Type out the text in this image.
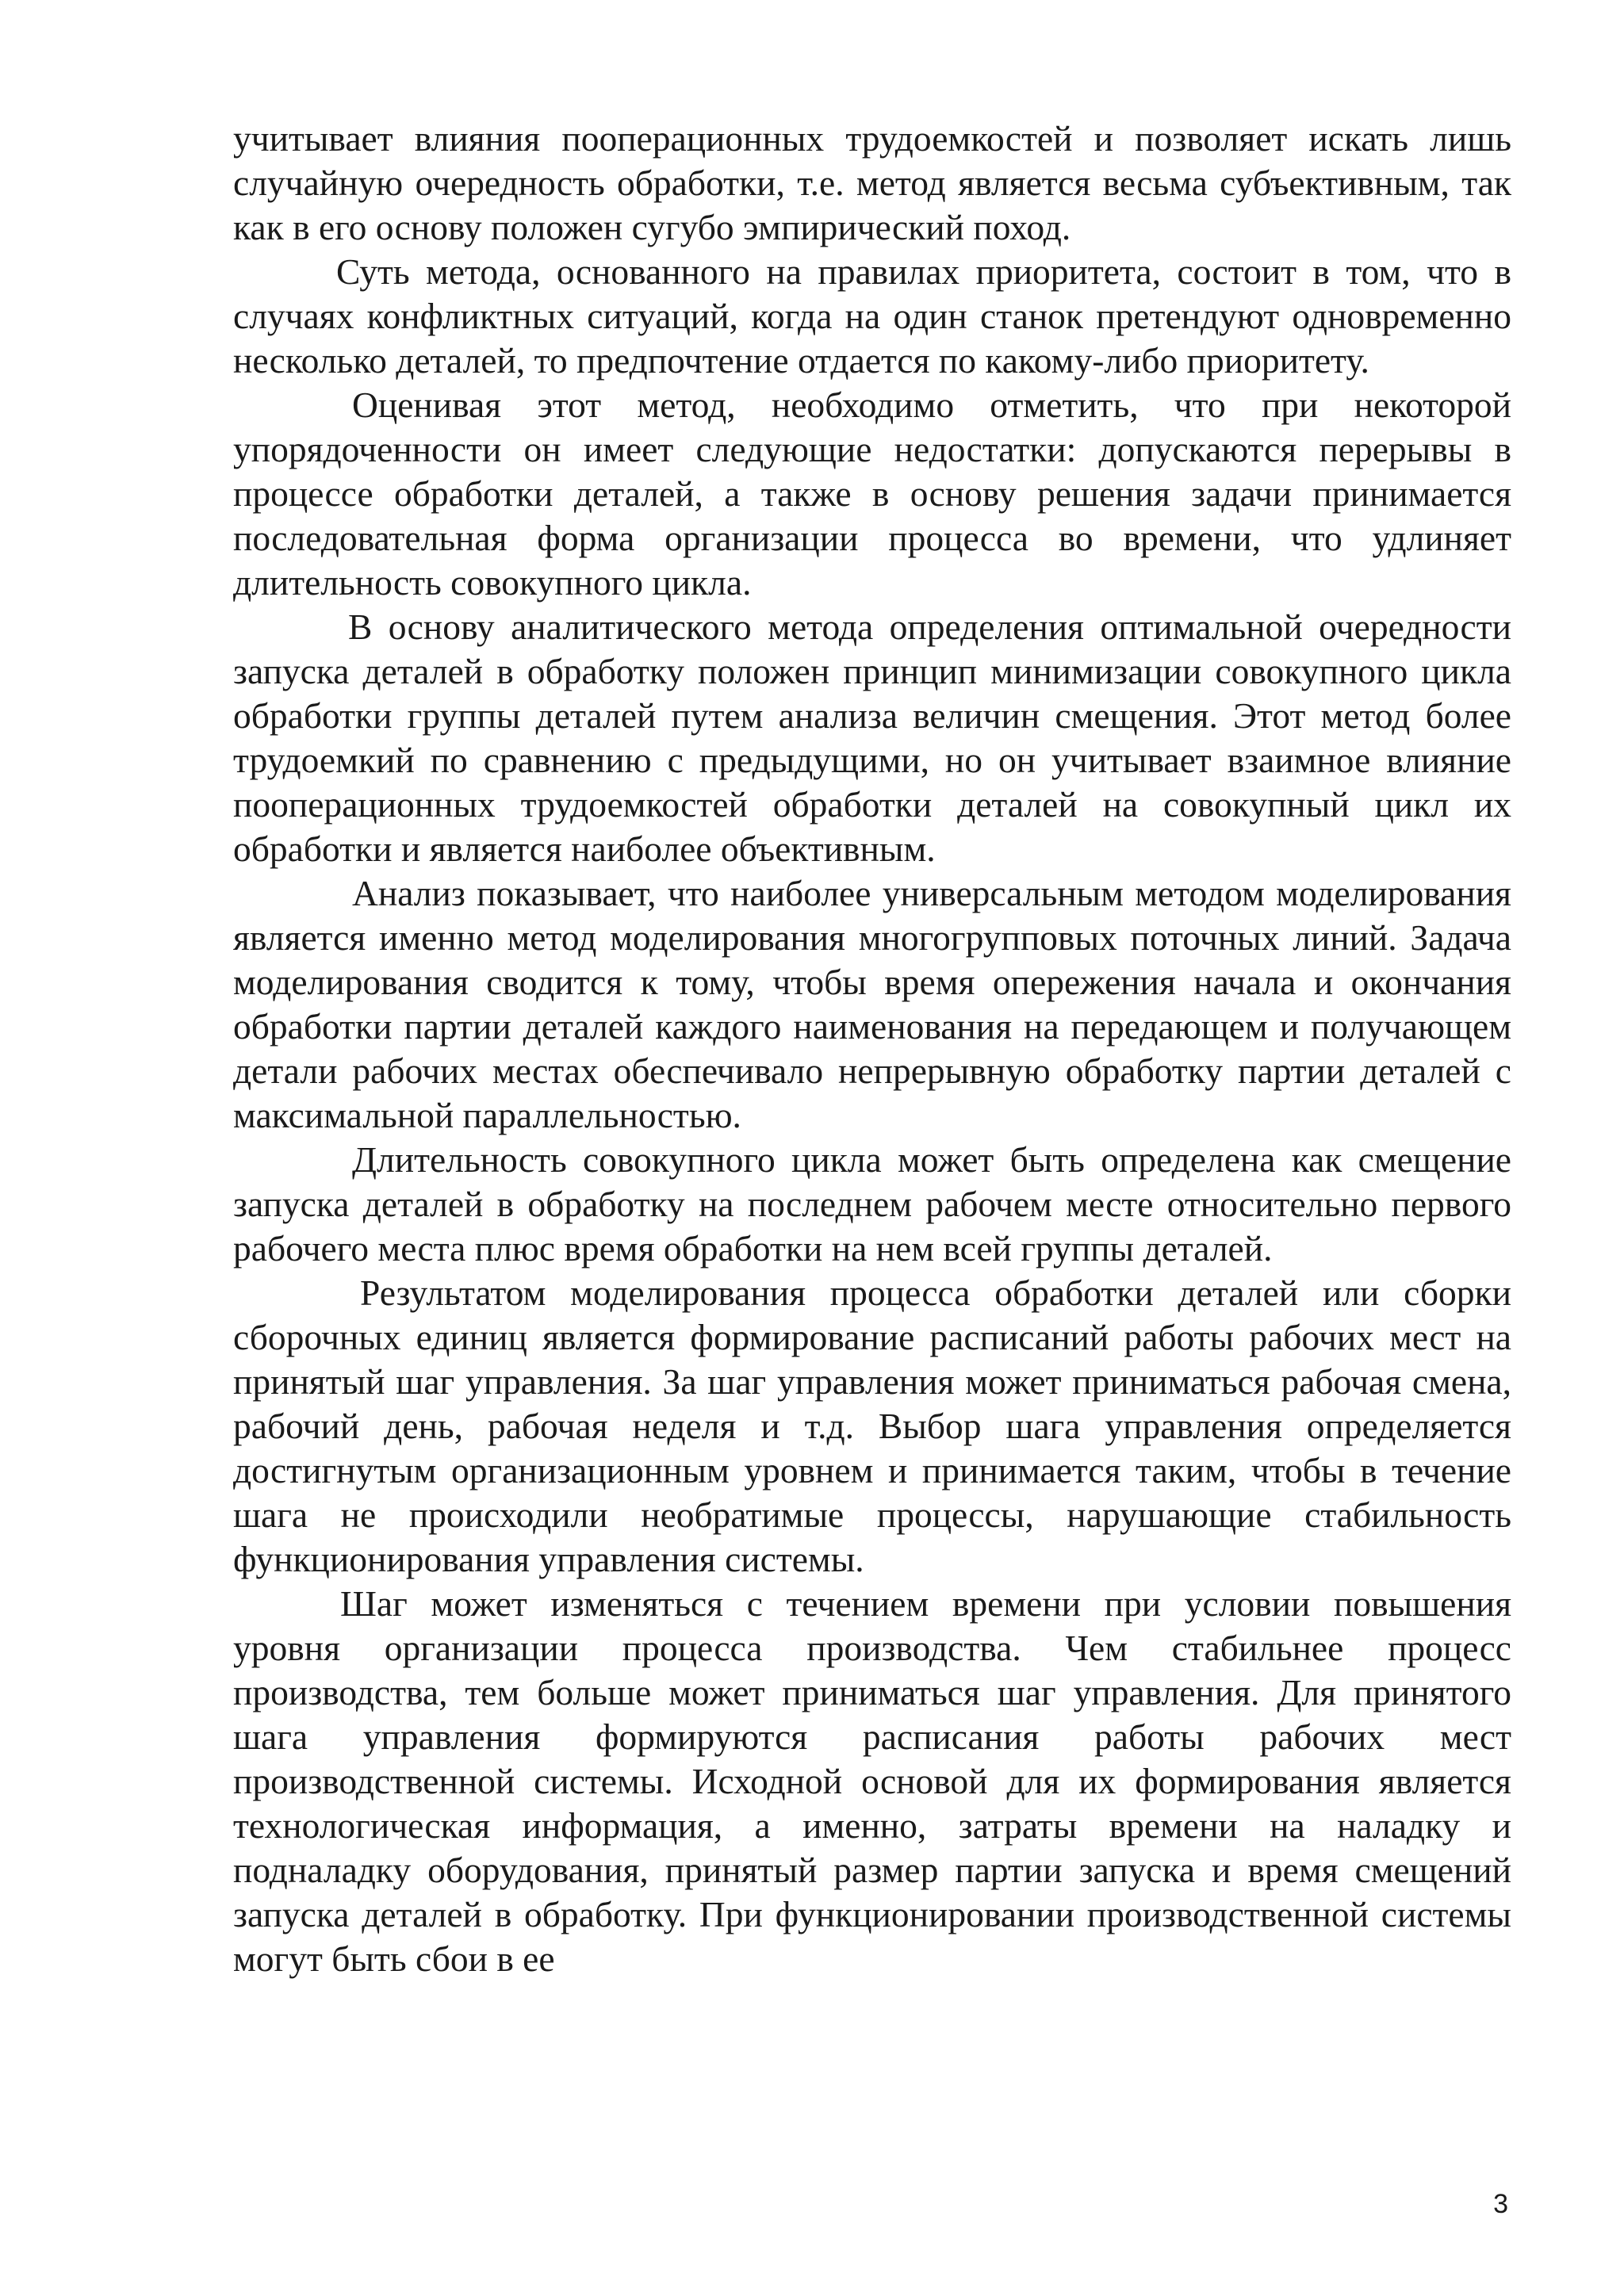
учитывает влияния пооперационных трудоемкостей и позволяет искать лишь случайную очередность обработки, т.е. метод является весьма субъективным, так как в его основу положен сугубо эмпирический поход.

Суть метода, основанного на правилах приоритета, состоит в том, что в случаях конфликтных ситуаций, когда на один станок претендуют одновременно несколько деталей, то предпочтение отдается по какому-либо приоритету.

Оценивая этот метод, необходимо отметить, что при некоторой упорядоченности он имеет следующие недостатки: допускаются перерывы в процессе обработки деталей, а также в основу решения задачи принимается последовательная форма организации процесса во времени, что удлиняет длительность совокупного цикла.

В основу аналитического метода определения оптимальной очередности запуска деталей в обработку положен принцип минимизации совокупного цикла обработки группы деталей путем анализа величин смещения. Этот метод более трудоемкий по сравнению с предыдущими, но он учитывает взаимное влияние пооперационных трудоемкостей обработки деталей на совокупный цикл их обработки и является наиболее объективным.

Анализ показывает, что наиболее универсальным методом моделирования является именно метод моделирования многогрупповых поточных линий. Задача моделирования сводится к тому, чтобы время опережения начала и окончания обработки партии деталей каждого наименования на передающем и получающем детали рабочих местах обеспечивало непрерывную обработку партии деталей с максимальной параллельностью.

Длительность совокупного цикла может быть определена как смещение запуска деталей в обработку на последнем рабочем месте относительно первого рабочего места плюс время обработки на нем всей группы деталей.

Результатом моделирования процесса обработки деталей или сборки сборочных единиц является формирование расписаний работы рабочих мест на принятый шаг управления. За шаг управления может приниматься рабочая смена, рабочий день, рабочая неделя и т.д. Выбор шага управления определяется достигнутым организационным уровнем и принимается таким, чтобы в течение шага не происходили необратимые процессы, нарушающие стабильность функционирования управления системы.

Шаг может изменяться с течением времени при условии повышения уровня организации процесса производства. Чем стабильнее процесс производства, тем больше может приниматься шаг управления. Для принятого шага управления формируются расписания работы рабочих мест производственной системы. Исходной основой для их формирования является технологическая информация, а именно, затраты времени на наладку и подналадку оборудования, принятый размер партии запуска и время смещений запуска деталей в обработку. При функционировании производственной системы могут быть сбои в ее

3
